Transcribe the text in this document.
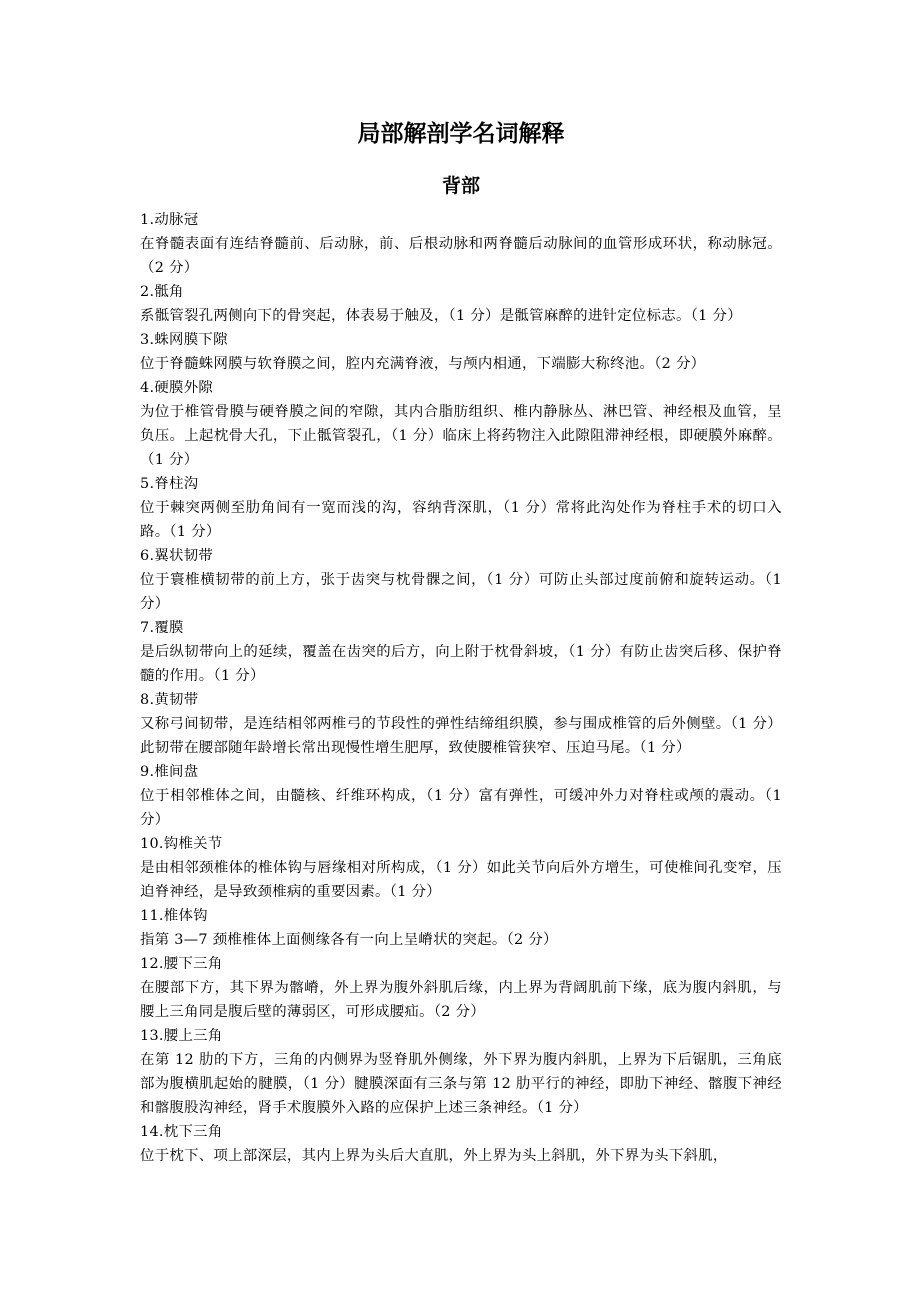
局部解剖学名词解释
背部

1.动脉冠

在脊髓表面有连结脊髓前、后动脉，前、后根动脉和两脊髓后动脉间的血管形成环状，称动脉冠。（2 分）

2.骶角

系骶管裂孔两侧向下的骨突起，体表易于触及，（1 分）是骶管麻醉的进针定位标志。（1 分）

3.蛛网膜下隙

位于脊髓蛛网膜与软脊膜之间，腔内充满脊液，与颅内相通，下端膨大称终池。（2 分）

4.硬膜外隙

为位于椎管骨膜与硬脊膜之间的窄隙，其内合脂肪组织、椎内静脉丛、淋巴管、神经根及血管，呈负压。上起枕骨大孔，下止骶管裂孔，（1 分）临床上将药物注入此隙阻滞神经根，即硬膜外麻醉。（1 分）

5.脊柱沟

位于棘突两侧至肋角间有一宽而浅的沟，容纳背深肌，（1 分）常将此沟处作为脊柱手术的切口入路。（1 分）

6.翼状韧带

位于寰椎横韧带的前上方，张于齿突与枕骨髁之间，（1 分）可防止头部过度前俯和旋转运动。（1 分）

7.覆膜

是后纵韧带向上的延续，覆盖在齿突的后方，向上附于枕骨斜坡，（1 分）有防止齿突后移、保护脊髓的作用。（1 分）

8.黄韧带

又称弓间韧带，是连结相邻两椎弓的节段性的弹性结缔组织膜，参与围成椎管的后外侧壁。（1 分）此韧带在腰部随年龄增长常出现慢性增生肥厚，致使腰椎管狭窄、压迫马尾。（1 分）

9.椎间盘

位于相邻椎体之间，由髓核、纤维环构成，（1 分）富有弹性，可缓冲外力对脊柱或颅的震动。（1 分）

10.钩椎关节

是由相邻颈椎体的椎体钩与唇缘相对所构成，（1 分）如此关节向后外方增生，可使椎间孔变窄，压迫脊神经，是导致颈椎病的重要因素。（1 分）

11.椎体钩

指第 3—7 颈椎椎体上面侧缘各有一向上呈嵴状的突起。（2 分）

12.腰下三角

在腰部下方，其下界为髂嵴，外上界为腹外斜肌后缘，内上界为背阔肌前下缘，底为腹内斜肌，与腰上三角同是腹后壁的薄弱区，可形成腰疝。（2 分）

13.腰上三角

在第 12 肋的下方，三角的内侧界为竖脊肌外侧缘，外下界为腹内斜肌，上界为下后锯肌，三角底部为腹横肌起始的腱膜，（1 分）腱膜深面有三条与第 12 肋平行的神经，即肋下神经、髂腹下神经和髂腹股沟神经，肾手术腹膜外入路的应保护上述三条神经。（1 分）

14.枕下三角

位于枕下、项上部深层，其内上界为头后大直肌，外上界为头上斜肌，外下界为头下斜肌，
